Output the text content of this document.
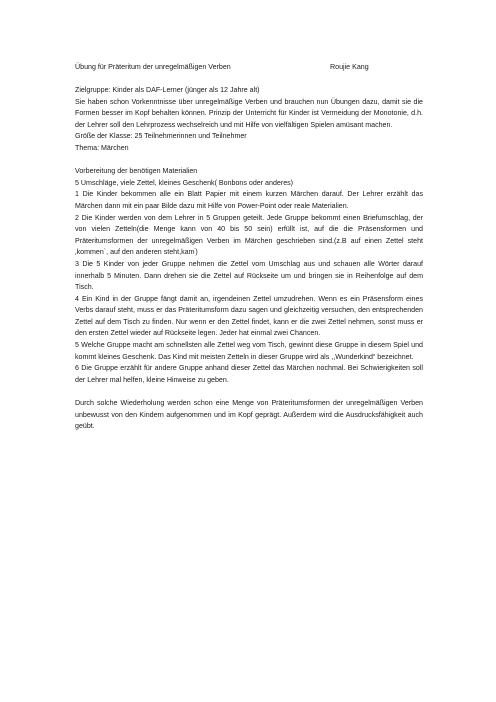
Übung für Präteritum der unregelmäßigen Verben	Roujie Kang

Zielgruppe: Kinder als DAF-Lerner (jünger als 12 Jahre alt)

Sie haben schon Vorkenntnisse über unregelmäßige Verben und brauchen nun Übungen dazu, damit sie die Formen besser im Kopf behalten können. Prinzip der Unterricht für Kinder ist Vermeidung der Monotonie, d.h. der Lehrer soll den Lehrprozess wechselreich und mit Hilfe von vielfältigen Spielen amüsant machen.

Größe der Klasse: 25 Teilnehmerinnen und Teilnehmer

Thema: Märchen

Vorbereitung der benötigen Materialien

5 Umschläge, viele Zettel, kleines Geschenk( Bonbons oder anderes)

1 Die Kinder bekommen alle ein Blatt Papier mit einem kurzen Märchen darauf. Der Lehrer erzählt das Märchen dann mit ein paar Bilde dazu mit Hilfe von Power-Point oder reale Materialien.

2 Die Kinder werden von dem Lehrer in 5 Gruppen geteilt. Jede Gruppe bekommt einen Briefumschlag, der von vielen Zetteln(die Menge kann von 40 bis 50 sein) erfüllt ist, auf die die Präsensformen und Präteritumsformen der unregelmäßigen Verben im Märchen geschrieben sind.(z.B auf einen Zettel steht ‚kommen`, auf den anderen steht,kam')

3 Die 5 Kinder von jeder Gruppe nehmen die Zettel vom Umschlag aus und schauen alle Wörter darauf innerhalb 5 Minuten. Dann drehen sie die Zettel auf Rückseite um und bringen sie in Reihenfolge auf dem Tisch.

4 Ein Kind in der Gruppe fängt damit an, irgendeinen Zettel umzudrehen. Wenn es ein Präsensform eines Verbs darauf steht, muss er das Präteritumsform dazu sagen und gleichzeitig versuchen, den entsprechenden Zettel auf dem Tisch zu finden. Nur wenn er den Zettel findet, kann er die zwei Zettel nehmen, sonst muss er den ersten Zettel wieder auf Rückseite legen. Jeder hat einmal zwei Chancen.

5 Welche Gruppe macht am schnellsten alle Zettel weg vom Tisch, gewinnt diese Gruppe in diesem Spiel und kommt kleines Geschenk. Das Kind mit meisten Zetteln in dieser Gruppe wird als ,,Wunderkind“ bezeichnet.

6 Die Gruppe erzählt für andere Gruppe anhand dieser Zettel das Märchen nochmal. Bei Schwierigkeiten soll der Lehrer mal helfen, kleine Hinweise zu geben.

Durch solche Wiederholung werden schon eine Menge von Präteritumsformen der unregelmäßigen Verben unbewusst von den Kindern aufgenommen und im Kopf geprägt. Außerdem wird die Ausdrucksfähigkeit auch geübt.
